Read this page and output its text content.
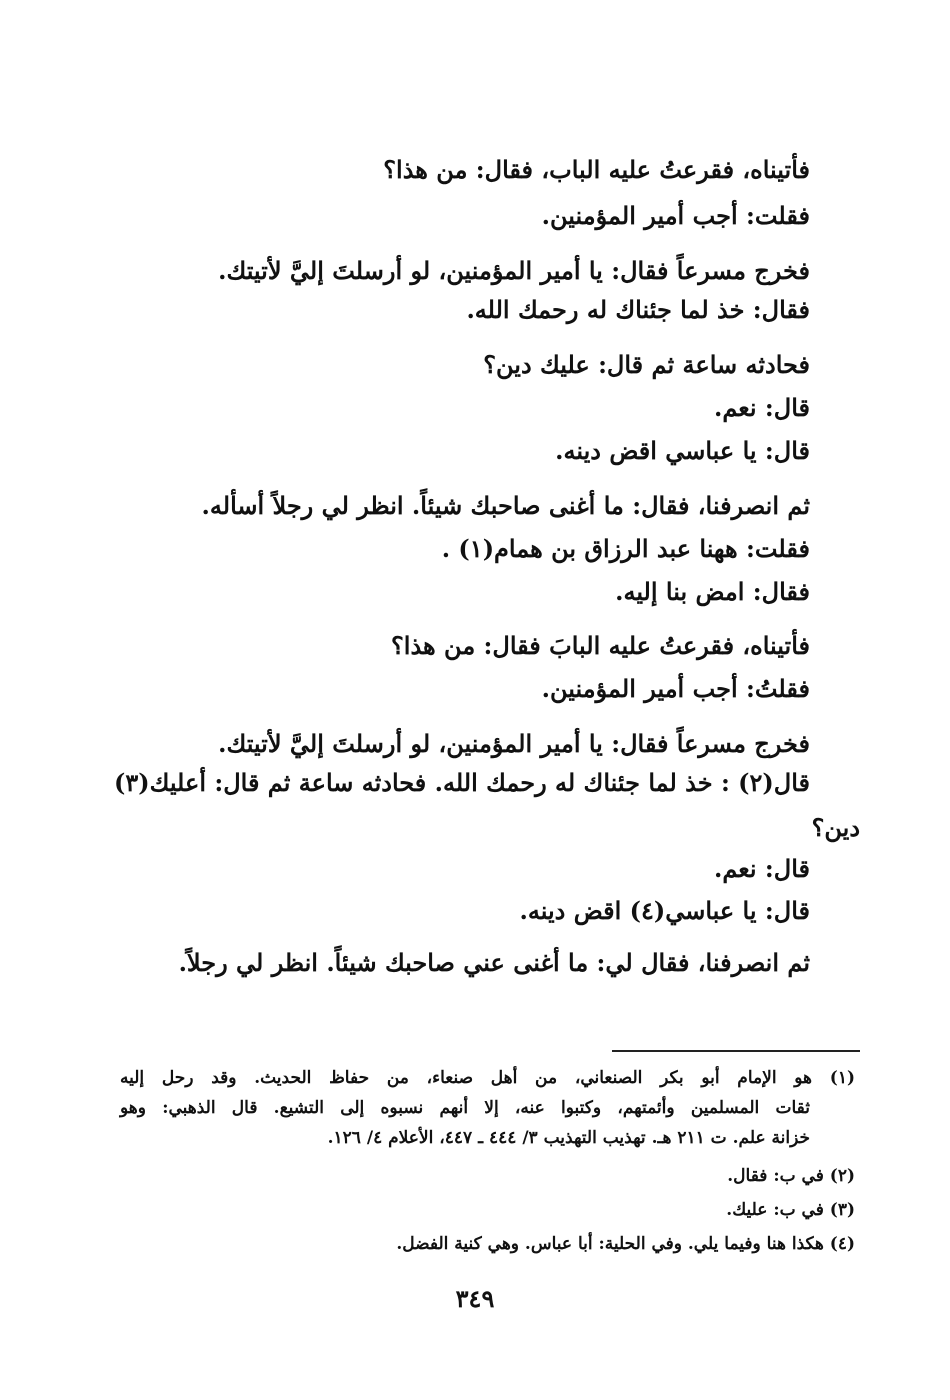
فأتيناه، فقرعتُ عليه الباب، فقال: من هذا؟
فقلت: أجب أمير المؤمنين.
فخرج مسرعاً فقال: يا أمير المؤمنين، لو أرسلتَ إليَّ لأتيتك.
فقال: خذ لما جئناك له رحمك الله.
فحادثه ساعة ثم قال: عليك دين؟
قال: نعم.
قال: يا عباسي اقض دينه.
ثم انصرفنا، فقال: ما أغنى صاحبك شيئاً. انظر لي رجلاً أسأله.
فقلت: ههنا عبد الرزاق بن همام(١) .
فقال: امض بنا إليه.
فأتيناه، فقرعتُ عليه البابَ فقال: من هذا؟
فقلتُ: أجب أمير المؤمنين.
فخرج مسرعاً فقال: يا أمير المؤمنين، لو أرسلتَ إليَّ لأتيتك.
قال(٢) : خذ لما جئناك له رحمك الله. فحادثه ساعة ثم قال: أعليك(٣)
دين؟
قال: نعم.
قال: يا عباسي(٤) اقض دينه.
ثم انصرفنا، فقال لي: ما أغنى عني صاحبك شيئاً. انظر لي رجلاً.
(١) هو الإمام أبو بكر الصنعاني، من أهل صنعاء، من حفاظ الحديث. وقد رحل إليه
ثقات المسلمين وأئمتهم، وكتبوا عنه، إلا أنهم نسبوه إلى التشيع. قال الذهبي: وهو
خزانة علم. ت ٢١١ هـ. تهذيب التهذيب ٣/ ٤٤٤ ـ ٤٤٧، الأعلام ٤/ ١٢٦.
(٢) في ب: فقال.
(٣) في ب: عليك.
(٤) هكذا هنا وفيما يلي. وفي الحلية: أبا عباس. وهي كنية الفضل.
٣٤٩
